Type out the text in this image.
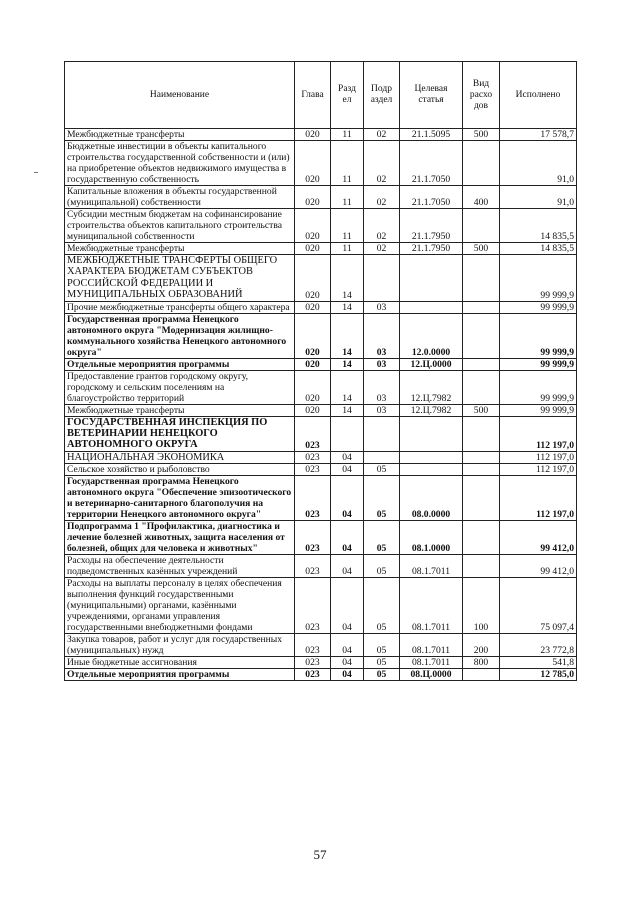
Наименование	Глава	Разд ел	Подр аздел	Целевая статья	Вид расхо дов	Исполнено
Межбюджетные трансферты	020	11	02	21.1.5095	500	17 578,7
Бюджетные инвестиции в объекты капитального строительства государственной собственности и (или) на приобретение объектов недвижимого имущества в государственную собственность	020	11	02	21.1.7050		91,0
Капитальные вложения в объекты государственной (муниципальной) собственности	020	11	02	21.1.7050	400	91,0
Субсидии местным бюджетам на софинансирование строительства объектов капитального строительства муниципальной собственности	020	11	02	21.1.7950		14 835,5
Межбюджетные трансферты	020	11	02	21.1.7950	500	14 835,5
МЕЖБЮДЖЕТНЫЕ ТРАНСФЕРТЫ ОБЩЕГО ХАРАКТЕРА БЮДЖЕТАМ СУБЪЕКТОВ РОССИЙСКОЙ ФЕДЕРАЦИИ И МУНИЦИПАЛЬНЫХ ОБРАЗОВАНИЙ	020	14				99 999,9
Прочие межбюджетные трансферты общего характера	020	14	03			99 999,9
Государственная программа Ненецкого автономного округа "Модернизация жилищно-коммунального хозяйства Ненецкого автономного округа"	020	14	03	12.0.0000		99 999,9
Отдельные мероприятия программы	020	14	03	12.Ц.0000		99 999,9
Предоставление грантов городскому округу, городскому и сельским поселениям на благоустройство территорий	020	14	03	12.Ц.7982		99 999,9
Межбюджетные трансферты	020	14	03	12.Ц.7982	500	99 999,9
ГОСУДАРСТВЕННАЯ ИНСПЕКЦИЯ ПО ВЕТЕРИНАРИИ НЕНЕЦКОГО АВТОНОМНОГО ОКРУГА	023					112 197,0
НАЦИОНАЛЬНАЯ ЭКОНОМИКА	023	04				112 197,0
Сельское хозяйство и рыболовство	023	04	05			112 197,0
Государственная программа Ненецкого автономного округа "Обеспечение эпизоотического и ветеринарно-санитарного благополучия на территории Ненецкого автономного округа"	023	04	05	08.0.0000		112 197,0
Подпрограмма 1 "Профилактика, диагностика и лечение болезней животных, защита населения от болезней, общих для человека и животных"	023	04	05	08.1.0000		99 412,0
Расходы на обеспечение деятельности подведомственных казённых учреждений	023	04	05	08.1.7011		99 412,0
Расходы на выплаты персоналу в целях обеспечения выполнения функций государственными (муниципальными) органами, казёнными учреждениями, органами управления государственными внебюджетными фондами	023	04	05	08.1.7011	100	75 097,4
Закупка товаров, работ и услуг для государственных (муниципальных) нужд	023	04	05	08.1.7011	200	23 772,8
Иные бюджетные ассигнования	023	04	05	08.1.7011	800	541,8
Отдельные мероприятия программы	023	04	05	08.Ц.0000		12 785,0
57
